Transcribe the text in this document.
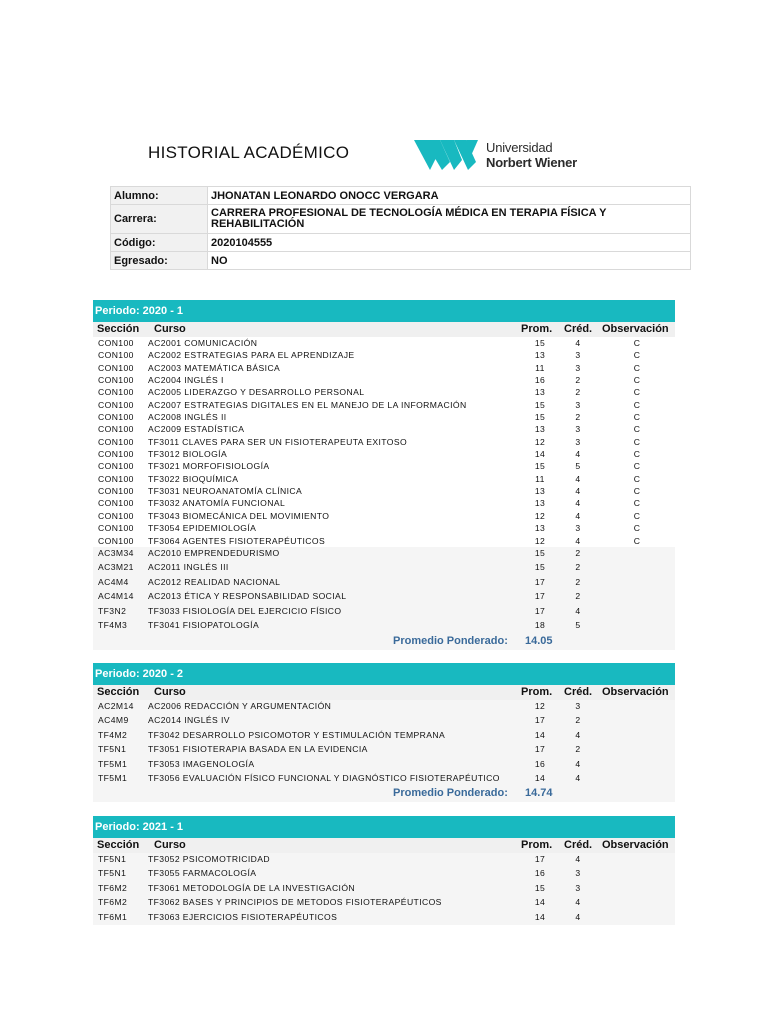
HISTORIAL ACADÉMICO	Universidad
Norbert Wiener
Alumno:	JHONATAN LEONARDO ONOCC VERGARA
Carrera:	CARRERA PROFESIONAL DE TECNOLOGÍA MÉDICA EN TERAPIA FÍSICA Y REHABILITACIÓN
Código:	2020104555
Egresado:	NO
Periodo: 2020 - 1
Sección Curso	Prom. Créd. Observación
CON100 AC2001 COMUNICACIÓN	15	4	C
CON100 AC2002 ESTRATEGIAS PARA EL APRENDIZAJE	13	3	C
CON100 AC2003 MATEMÁTICA BÁSICA	11	3	C
CON100 AC2004 INGLÉS I	16	2	C
CON100 AC2005 LIDERAZGO Y DESARROLLO PERSONAL	13	2	C
CON100 AC2007 ESTRATEGIAS DIGITALES EN EL MANEJO DE LA INFORMACIÓN	15	3	C
CON100 AC2008 INGLÉS II	15	2	C
CON100 AC2009 ESTADÍSTICA	13	3	C
CON100 TF3011 CLAVES PARA SER UN FISIOTERAPEUTA EXITOSO	12	3	C
CON100 TF3012 BIOLOGÍA	14	4	C
CON100 TF3021 MORFOFISIOLOGÍA	15	5	C
CON100 TF3022 BIOQUÍMICA	11	4	C
CON100 TF3031 NEUROANATOMÍA CLÍNICA	13	4	C
CON100 TF3032 ANATOMÍA FUNCIONAL	13	4	C
CON100 TF3043 BIOMECÁNICA DEL MOVIMIENTO	12	4	C
CON100 TF3054 EPIDEMIOLOGÍA	13	3	C
CON100 TF3064 AGENTES FISIOTERAPÉUTICOS	12	4	C
AC3M34 AC2010 EMPRENDEDURISMO	15	2
AC3M21 AC2011 INGLÉS III	15	2
AC4M4 AC2012 REALIDAD NACIONAL	17	2
AC4M14 AC2013 ÉTICA Y RESPONSABILIDAD SOCIAL	17	2
TF3N2	TF3033 FISIOLOGÍA DEL EJERCICIO FÍSICO	17	4
TF4M3 TF3041 FISIOPATOLOGÍA	18	5
Promedio Ponderado: 14.05
Periodo: 2020 - 2
Sección Curso	Prom. Créd. Observación
AC2M14 AC2006 REDACCIÓN Y ARGUMENTACIÓN	12	3
AC4M9 AC2014 INGLÉS IV	17	2
TF4M2 TF3042 DESARROLLO PSICOMOTOR Y ESTIMULACIÓN TEMPRANA	14	4
TF5N1	TF3051 FISIOTERAPIA BASADA EN LA EVIDENCIA	17	2
TF5M1 TF3053 IMAGENOLOGÍA	16	4
TF5M1 TF3056 EVALUACIÓN FÍSICO FUNCIONAL Y DIAGNÓSTICO FISIOTERAPÉUTICO	14	4
Promedio Ponderado: 14.74
Periodo: 2021 - 1
Sección Curso	Prom. Créd. Observación
TF5N1	TF3052 PSICOMOTRICIDAD	17	4
TF5N1	TF3055 FARMACOLOGÍA	16	3
TF6M2 TF3061 METODOLOGÍA DE LA INVESTIGACIÓN	15	3
TF6M2 TF3062 BASES Y PRINCIPIOS DE METODOS FISIOTERAPÉUTICOS	14	4
TF6M1 TF3063 EJERCICIOS FISIOTERAPÉUTICOS	14	4
